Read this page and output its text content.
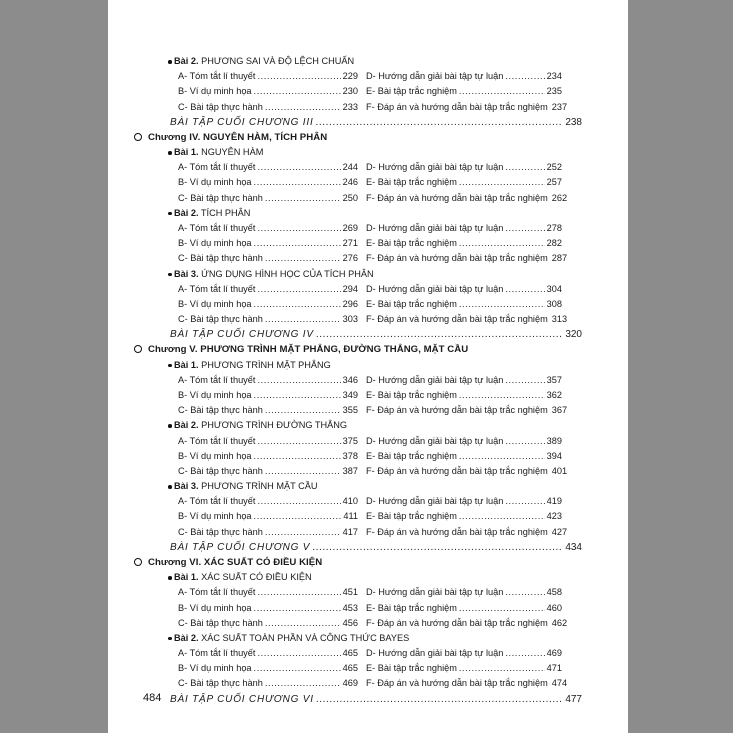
Bài 2. PHƯƠNG SAI VÀ ĐỘ LỆCH CHUẨN
A- Tóm tắt lí thuyết .....	229 D- Hướng dẫn giải bài tập tự luận .....	234
B- Ví dụ minh họa .....	230 E- Bài tập trắc nghiệm .....	235
C- Bài tập thực hành .....	233 F- Đáp án và hướng dẫn bài tập trắc nghiệm 237
BÀI TẬP CUỐI CHƯƠNG III .....	238
Chương IV. NGUYÊN HÀM, TÍCH PHÂN
Bài 1. NGUYÊN HÀM
A- Tóm tắt lí thuyết .....	244 D- Hướng dẫn giải bài tập tự luận .....	252
B- Ví dụ minh họa .....	246 E- Bài tập trắc nghiệm .....	257
C- Bài tập thực hành .....	250 F- Đáp án và hướng dẫn bài tập trắc nghiệm 262
Bài 2. TÍCH PHÂN
A- Tóm tắt lí thuyết .....	269 D- Hướng dẫn giải bài tập tự luận .....	278
B- Ví dụ minh họa .....	271 E- Bài tập trắc nghiệm .....	282
C- Bài tập thực hành .....	276 F- Đáp án và hướng dẫn bài tập trắc nghiệm 287
Bài 3. ỨNG DỤNG HÌNH HỌC CỦA TÍCH PHÂN
A- Tóm tắt lí thuyết .....	294 D- Hướng dẫn giải bài tập tự luận .....	304
B- Ví dụ minh họa .....	296 E- Bài tập trắc nghiệm .....	308
C- Bài tập thực hành .....	303 F- Đáp án và hướng dẫn bài tập trắc nghiệm 313
BÀI TẬP CUỐI CHƯƠNG IV .....	320
Chương V. PHƯƠNG TRÌNH MẶT PHẲNG, ĐƯỜNG THẲNG, MẶT CẦU
Bài 1. PHƯƠNG TRÌNH MẶT PHẲNG
A- Tóm tắt lí thuyết .....	346 D- Hướng dẫn giải bài tập tự luận .....	357
B- Ví dụ minh họa .....	349 E- Bài tập trắc nghiệm .....	362
C- Bài tập thực hành .....	355 F- Đáp án và hướng dẫn bài tập trắc nghiệm 367
Bài 2. PHƯƠNG TRÌNH ĐƯỜNG THẲNG
A- Tóm tắt lí thuyết .....	375 D- Hướng dẫn giải bài tập tự luận .....	389
B- Ví dụ minh họa .....	378 E- Bài tập trắc nghiệm .....	394
C- Bài tập thực hành .....	387 F- Đáp án và hướng dẫn bài tập trắc nghiệm 401
Bài 3. PHƯƠNG TRÌNH MẶT CẦU
A- Tóm tắt lí thuyết .....	410 D- Hướng dẫn giải bài tập tự luận .....	419
B- Ví dụ minh họa .....	411 E- Bài tập trắc nghiệm .....	423
C- Bài tập thực hành .....	417 F- Đáp án và hướng dẫn bài tập trắc nghiệm 427
BÀI TẬP CUỐI CHƯƠNG V .....	434
Chương VI. XÁC SUẤT CÓ ĐIỀU KIỆN
Bài 1. XÁC SUẤT CÓ ĐIỀU KIỆN
A- Tóm tắt lí thuyết .....	451 D- Hướng dẫn giải bài tập tự luận .....	458
B- Ví dụ minh họa .....	453 E- Bài tập trắc nghiệm .....	460
C- Bài tập thực hành .....	456 F- Đáp án và hướng dẫn bài tập trắc nghiệm 462
Bài 2. XÁC SUẤT TOÀN PHẦN VÀ CÔNG THỨC BAYES
A- Tóm tắt lí thuyết .....	465 D- Hướng dẫn giải bài tập tự luận .....	469
B- Ví dụ minh họa .....	465 E- Bài tập trắc nghiệm .....	471
C- Bài tập thực hành .....	469 F- Đáp án và hướng dẫn bài tập trắc nghiệm 474
BÀI TẬP CUỐI CHƯƠNG VI .....	477
484
